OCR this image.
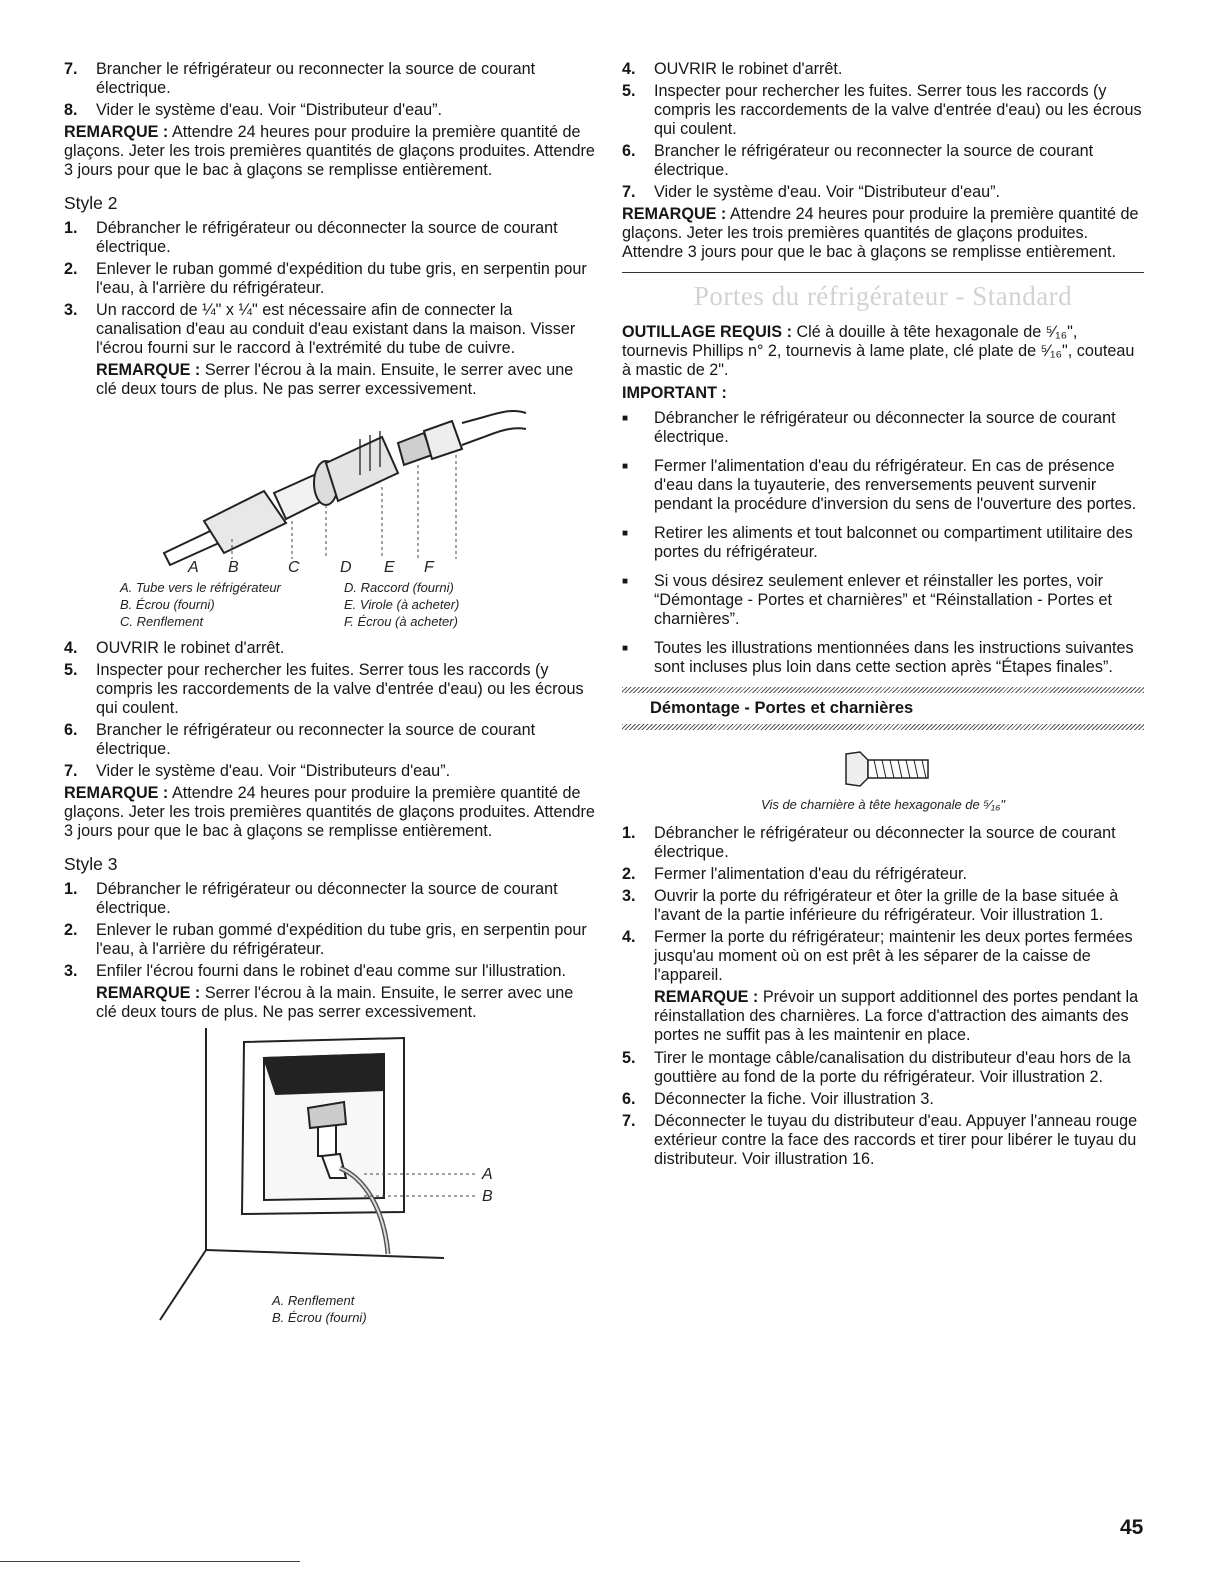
7.	Brancher le réfrigérateur ou reconnecter la source de courant électrique.
8.	Vider le système d'eau. Voir “Distributeur d'eau”.

REMARQUE : Attendre 24 heures pour produire la première quantité de glaçons. Jeter les trois premières quantités de glaçons produites. Attendre 3 jours pour que le bac à glaçons se remplisse entièrement.

Style 2
1.	Débrancher le réfrigérateur ou déconnecter la source de courant électrique.
2.	Enlever le ruban gommé d'expédition du tube gris, en serpentin pour l'eau, à l'arrière du réfrigérateur.
3.	Un raccord de ¼" x ¼" est nécessaire afin de connecter la canalisation d'eau au conduit d'eau existant dans la maison. Visser l'écrou fourni sur le raccord à l'extrémité du tube de cuivre.

REMARQUE : Serrer l'écrou à la main. Ensuite, le serrer avec une clé deux tours de plus. Ne pas serrer excessivement.

A B	C	D E F
A. Tube vers le réfrigérateur
B. Écrou (fourni)
C. Renflement
D. Raccord (fourni)
E. Virole (à acheter)
F. Écrou (à acheter)
4.	OUVRIR le robinet d'arrêt.
5.	Inspecter pour rechercher les fuites. Serrer tous les raccords (y compris les raccordements de la valve d'entrée d'eau) ou les écrous qui coulent.
6.	Brancher le réfrigérateur ou reconnecter la source de courant électrique.
7.	Vider le système d'eau. Voir “Distributeurs d'eau”.

REMARQUE : Attendre 24 heures pour produire la première quantité de glaçons. Jeter les trois premières quantités de glaçons produites. Attendre 3 jours pour que le bac à glaçons se remplisse entièrement.

Style 3
1.	Débrancher le réfrigérateur ou déconnecter la source de courant électrique.
2.	Enlever le ruban gommé d'expédition du tube gris, en serpentin pour l'eau, à l'arrière du réfrigérateur.
3.	Enfiler l'écrou fourni dans le robinet d'eau comme sur l'illustration.

REMARQUE : Serrer l'écrou à la main. Ensuite, le serrer avec une clé deux tours de plus. Ne pas serrer excessivement.

A
B
A. Renflement
B. Écrou (fourni)
4.	OUVRIR le robinet d'arrêt.
5.	Inspecter pour rechercher les fuites. Serrer tous les raccords (y compris les raccordements de la valve d'entrée d'eau) ou les écrous qui coulent.
6.	Brancher le réfrigérateur ou reconnecter la source de courant électrique.
7.	Vider le système d'eau. Voir “Distributeur d'eau”.

REMARQUE : Attendre 24 heures pour produire la première quantité de glaçons. Jeter les trois premières quantités de glaçons produites. Attendre 3 jours pour que le bac à glaçons se remplisse entièrement.

Portes du réfrigérateur - Standard

OUTILLAGE REQUIS : Clé à douille à tête hexagonale de ⁵⁄₁₆", tournevis Phillips n° 2, tournevis à lame plate, clé plate de ⁵⁄₁₆", couteau à mastic de 2".

IMPORTANT :

■	Débrancher le réfrigérateur ou déconnecter la source de courant électrique.
■	Fermer l'alimentation d'eau du réfrigérateur. En cas de présence d'eau dans la tuyauterie, des renversements peuvent survenir pendant la procédure d'inversion du sens de l'ouverture des portes.
■	Retirer les aliments et tout balconnet ou compartiment utilitaire des portes du réfrigérateur.
■	Si vous désirez seulement enlever et réinstaller les portes, voir “Démontage - Portes et charnières” et “Réinstallation - Portes et charnières”.
■	Toutes les illustrations mentionnées dans les instructions suivantes sont incluses plus loin dans cette section après “Étapes finales”.
Démontage - Portes et charnières
Vis de charnière à tête hexagonale de ⁵⁄₁₆"
1.	Débrancher le réfrigérateur ou déconnecter la source de courant électrique.
2.	Fermer l'alimentation d'eau du réfrigérateur.
3.	Ouvrir la porte du réfrigérateur et ôter la grille de la base située à l'avant de la partie inférieure du réfrigérateur. Voir illustration 1.
4.	Fermer la porte du réfrigérateur; maintenir les deux portes fermées jusqu'au moment où on est prêt à les séparer de la caisse de l'appareil.

REMARQUE : Prévoir un support additionnel des portes pendant la réinstallation des charnières. La force d'attraction des aimants des portes ne suffit pas à les maintenir en place.

5.	Tirer le montage câble/canalisation du distributeur d'eau hors de la gouttière au fond de la porte du réfrigérateur. Voir illustration 2.
6.	Déconnecter la fiche. Voir illustration 3.
7.	Déconnecter le tuyau du distributeur d'eau. Appuyer l'anneau rouge extérieur contre la face des raccords et tirer pour libérer le tuyau du distributeur. Voir illustration 16.
45
